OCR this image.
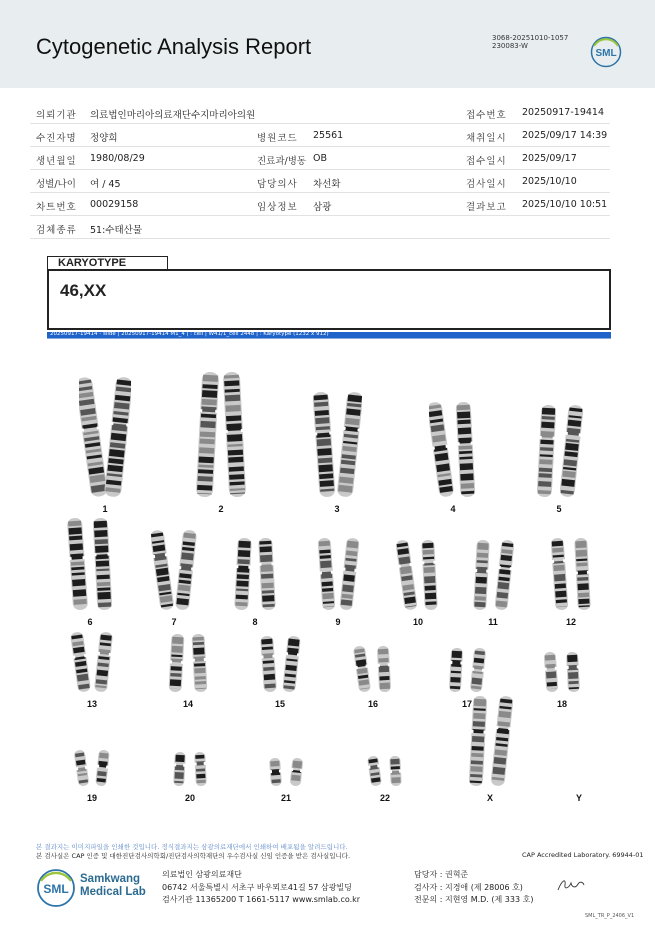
Cytogenetic Analysis Report	3068-20251010-1057
230083-W
SML
의뢰기관 의료법인마리아의료재단수지마리아의원	접수번호 20250917-19414
수진자명 정양희	병원코드 25561	채취일시 2025/09/17 14:39
생년월일 1980/08/29	진료과/병동 OB	접수일시 2025/09/17
성별/나이 여 / 45	담당의사 차선화	검사일시 2025/10/10
차트번호 00029158	임상정보 삼광	결과보고 2025/10/10 10:51
검체종류 51:수태산물
46,XX
KARYOTYPE
20250917-19414 - slide | 20250917-19414 M1_4 | : cell | W41/1_cell 2448 | : Karyotype (1232 x 912)
1	2	3	4	5
6	7	8	9	10	11	12
13	14	15	16	17	18
19	20	21	22	X	Y
본 결과지는 이미지파일을 인쇄한 것입니다. 정식결과지는 삼광의료재단에서 인쇄하여 배포됨을 알려드립니다.
본 검사실은 CAP 인증 및 대한진단검사의학회/진단검사의학재단의 우수검사실 신임 인증을 받은 검사실입니다.	CAP Accredited Laboratory. 69944-01
SML
Samkwang
Medical Lab
의료법인 삼광의료재단
06742 서울특별시 서초구 바우뫼로41길 57 삼광빌딩
검사기관 11365200 T 1661-5117 www.smlab.co.kr
담당자 : 권혁준
검사자 : 지경애 (제 28006 호)
전문의 : 지현영 M.D. (제 333 호)
SML_TR_P_2406_V1
